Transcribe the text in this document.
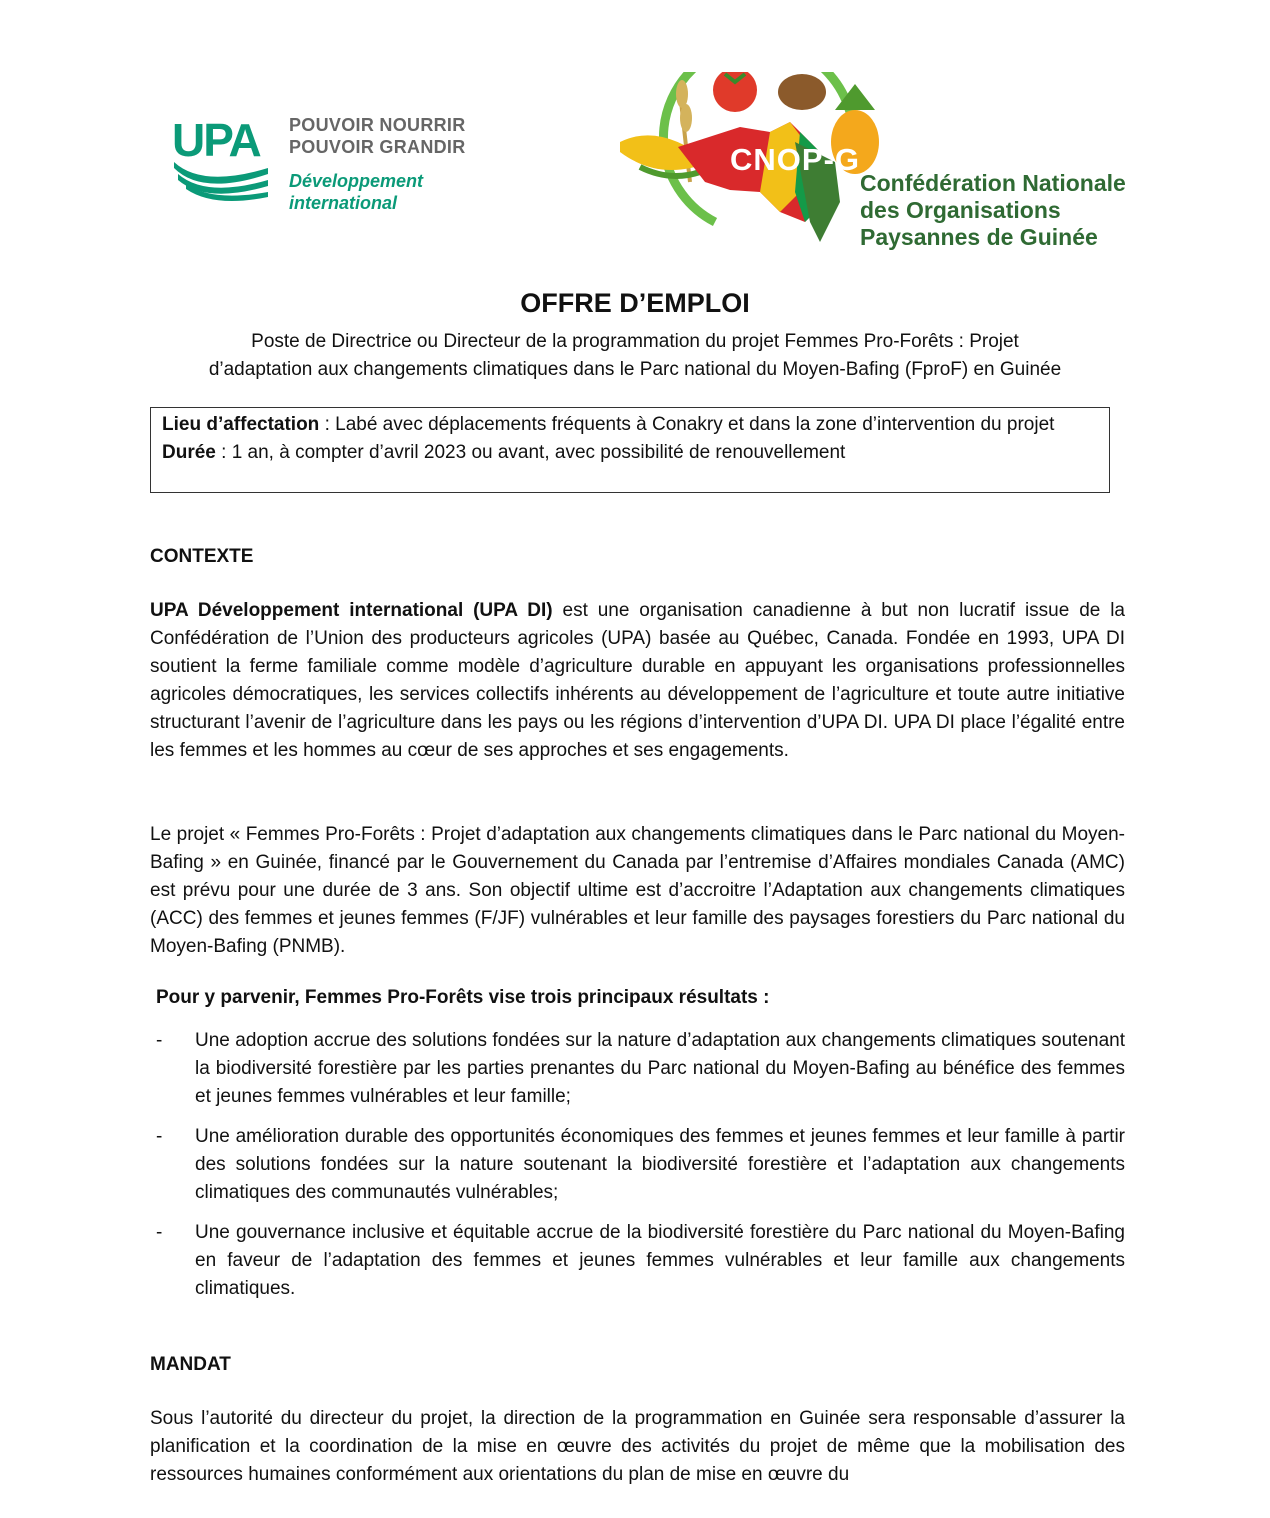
UPA POUVOIR NOURRIR
POUVOIR GRANDIR
Développement
international
CNOP-G
Confédération Nationale
des Organisations
Paysannes de Guinée
OFFRE D’EMPLOI
Poste de Directrice ou Directeur de la programmation du projet Femmes Pro-Forêts : Projet
d’adaptation aux changements climatiques dans le Parc national du Moyen-Bafing (FproF) en Guinée
Lieu d’affectation : Labé avec déplacements fréquents à Conakry et dans la zone d’intervention du projet
Durée : 1 an, à compter d’avril 2023 ou avant, avec possibilité de renouvellement
CONTEXTE
UPA Développement international (UPA DI) est une organisation canadienne à but non lucratif issue de la Confédération de l’Union des producteurs agricoles (UPA) basée au Québec, Canada. Fondée en 1993, UPA DI soutient la ferme familiale comme modèle d’agriculture durable en appuyant les organisations professionnelles agricoles démocratiques, les services collectifs inhérents au développement de l’agriculture et toute autre initiative structurant l’avenir de l’agriculture dans les pays ou les régions d’intervention d’UPA DI. UPA DI place l’égalité entre les femmes et les hommes au cœur de ses approches et ses engagements.
Le projet « Femmes Pro-Forêts : Projet d’adaptation aux changements climatiques dans le Parc national du Moyen-Bafing » en Guinée, financé par le Gouvernement du Canada par l’entremise d’Affaires mondiales Canada (AMC) est prévu pour une durée de 3 ans. Son objectif ultime est d’accroitre l’Adaptation aux changements climatiques (ACC) des femmes et jeunes femmes (F/JF) vulnérables et leur famille des paysages forestiers du Parc national du Moyen-Bafing (PNMB).
Pour y parvenir, Femmes Pro-Forêts vise trois principaux résultats :
- Une adoption accrue des solutions fondées sur la nature d’adaptation aux changements climatiques soutenant la biodiversité forestière par les parties prenantes du Parc national du Moyen-Bafing au bénéfice des femmes et jeunes femmes vulnérables et leur famille;
- Une amélioration durable des opportunités économiques des femmes et jeunes femmes et leur famille à partir des solutions fondées sur la nature soutenant la biodiversité forestière et l’adaptation aux changements climatiques des communautés vulnérables;
- Une gouvernance inclusive et équitable accrue de la biodiversité forestière du Parc national du Moyen-Bafing en faveur de l’adaptation des femmes et jeunes femmes vulnérables et leur famille aux changements climatiques.
MANDAT
Sous l’autorité du directeur du projet, la direction de la programmation en Guinée sera responsable d’assurer la planification et la coordination de la mise en œuvre des activités du projet de même que la mobilisation des ressources humaines conformément aux orientations du plan de mise en œuvre du
